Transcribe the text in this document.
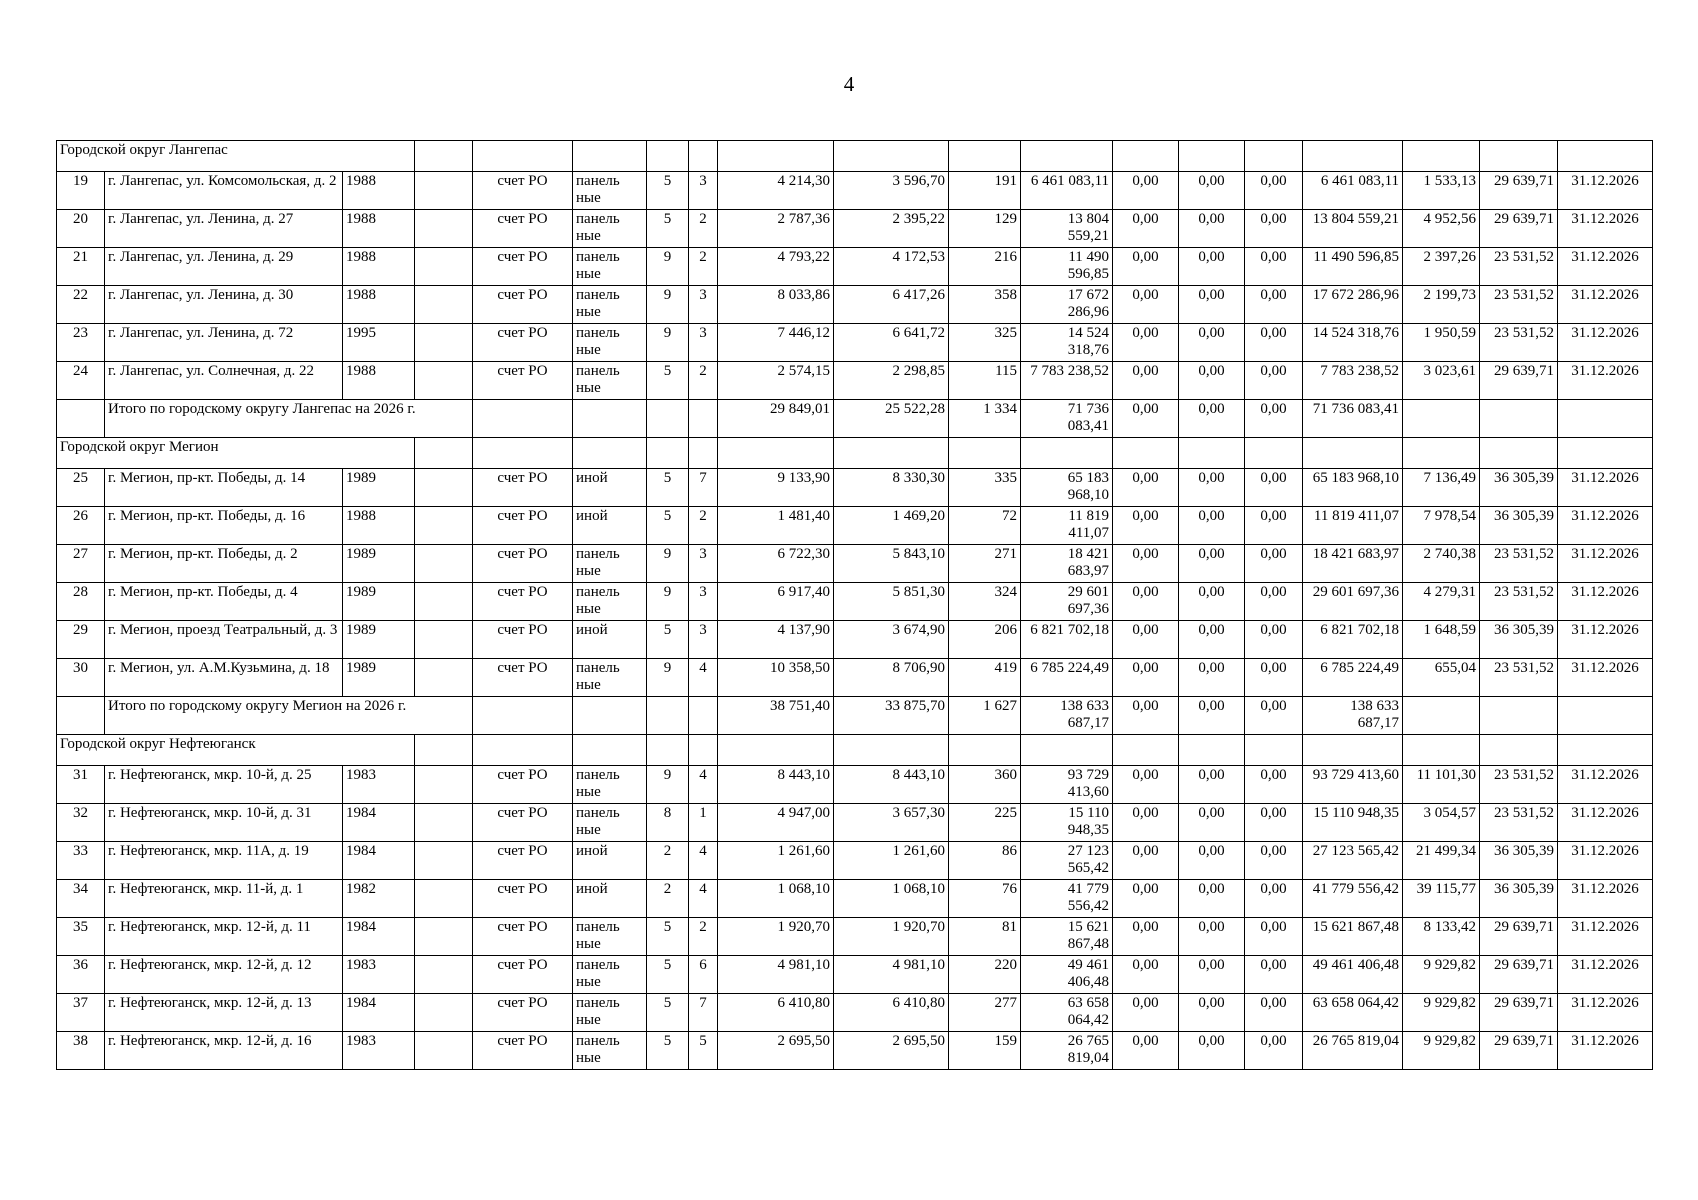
4
Городской округ Лангепас																		
19	г. Лангепас, ул. Комсомольская, д. 2	1988		счет РО	панель ные	5	3	4 214,30	3 596,70	191	6 461 083,11	0,00	0,00	0,00	6 461 083,11	1 533,13	29 639,71	31.12.2026
20	г. Лангепас, ул. Ленина, д. 27	1988		счет РО	панель ные	5	2	2 787,36	2 395,22	129	13 804 559,21	0,00	0,00	0,00	13 804 559,21	4 952,56	29 639,71	31.12.2026
21	г. Лангепас, ул. Ленина, д. 29	1988		счет РО	панель ные	9	2	4 793,22	4 172,53	216	11 490 596,85	0,00	0,00	0,00	11 490 596,85	2 397,26	23 531,52	31.12.2026
22	г. Лангепас, ул. Ленина, д. 30	1988		счет РО	панель ные	9	3	8 033,86	6 417,26	358	17 672 286,96	0,00	0,00	0,00	17 672 286,96	2 199,73	23 531,52	31.12.2026
23	г. Лангепас, ул. Ленина, д. 72	1995		счет РО	панель ные	9	3	7 446,12	6 641,72	325	14 524 318,76	0,00	0,00	0,00	14 524 318,76	1 950,59	23 531,52	31.12.2026
24	г. Лангепас, ул. Солнечная, д. 22	1988		счет РО	панель ные	5	2	2 574,15	2 298,85	115	7 783 238,52	0,00	0,00	0,00	7 783 238,52	3 023,61	29 639,71	31.12.2026
	Итого по городскому округу Лангепас на 2026 г.							29 849,01	25 522,28	1 334	71 736 083,41	0,00	0,00	0,00	71 736 083,41			
Городской округ Мегион																		
25	г. Мегион, пр-кт. Победы, д. 14	1989		счет РО	иной	5	7	9 133,90	8 330,30	335	65 183 968,10	0,00	0,00	0,00	65 183 968,10	7 136,49	36 305,39	31.12.2026
26	г. Мегион, пр-кт. Победы, д. 16	1988		счет РО	иной	5	2	1 481,40	1 469,20	72	11 819 411,07	0,00	0,00	0,00	11 819 411,07	7 978,54	36 305,39	31.12.2026
27	г. Мегион, пр-кт. Победы, д. 2	1989		счет РО	панель ные	9	3	6 722,30	5 843,10	271	18 421 683,97	0,00	0,00	0,00	18 421 683,97	2 740,38	23 531,52	31.12.2026
28	г. Мегион, пр-кт. Победы, д. 4	1989		счет РО	панель ные	9	3	6 917,40	5 851,30	324	29 601 697,36	0,00	0,00	0,00	29 601 697,36	4 279,31	23 531,52	31.12.2026
29	г. Мегион, проезд Театральный, д. 3	1989		счет РО	иной	5	3	4 137,90	3 674,90	206	6 821 702,18	0,00	0,00	0,00	6 821 702,18	1 648,59	36 305,39	31.12.2026
30	г. Мегион, ул. А.М.Кузьмина, д. 18	1989		счет РО	панель ные	9	4	10 358,50	8 706,90	419	6 785 224,49	0,00	0,00	0,00	6 785 224,49	655,04	23 531,52	31.12.2026
	Итого по городскому округу Мегион на 2026 г.							38 751,40	33 875,70	1 627	138 633 687,17	0,00	0,00	0,00	138 633 687,17			
Городской округ Нефтеюганск																		
31	г. Нефтеюганск, мкр. 10-й, д. 25	1983		счет РО	панель ные	9	4	8 443,10	8 443,10	360	93 729 413,60	0,00	0,00	0,00	93 729 413,60	11 101,30	23 531,52	31.12.2026
32	г. Нефтеюганск, мкр. 10-й, д. 31	1984		счет РО	панель ные	8	1	4 947,00	3 657,30	225	15 110 948,35	0,00	0,00	0,00	15 110 948,35	3 054,57	23 531,52	31.12.2026
33	г. Нефтеюганск, мкр. 11А, д. 19	1984		счет РО	иной	2	4	1 261,60	1 261,60	86	27 123 565,42	0,00	0,00	0,00	27 123 565,42	21 499,34	36 305,39	31.12.2026
34	г. Нефтеюганск, мкр. 11-й, д. 1	1982		счет РО	иной	2	4	1 068,10	1 068,10	76	41 779 556,42	0,00	0,00	0,00	41 779 556,42	39 115,77	36 305,39	31.12.2026
35	г. Нефтеюганск, мкр. 12-й, д. 11	1984		счет РО	панель ные	5	2	1 920,70	1 920,70	81	15 621 867,48	0,00	0,00	0,00	15 621 867,48	8 133,42	29 639,71	31.12.2026
36	г. Нефтеюганск, мкр. 12-й, д. 12	1983		счет РО	панель ные	5	6	4 981,10	4 981,10	220	49 461 406,48	0,00	0,00	0,00	49 461 406,48	9 929,82	29 639,71	31.12.2026
37	г. Нефтеюганск, мкр. 12-й, д. 13	1984		счет РО	панель ные	5	7	6 410,80	6 410,80	277	63 658 064,42	0,00	0,00	0,00	63 658 064,42	9 929,82	29 639,71	31.12.2026
38	г. Нефтеюганск, мкр. 12-й, д. 16	1983		счет РО	панель ные	5	5	2 695,50	2 695,50	159	26 765 819,04	0,00	0,00	0,00	26 765 819,04	9 929,82	29 639,71	31.12.2026
